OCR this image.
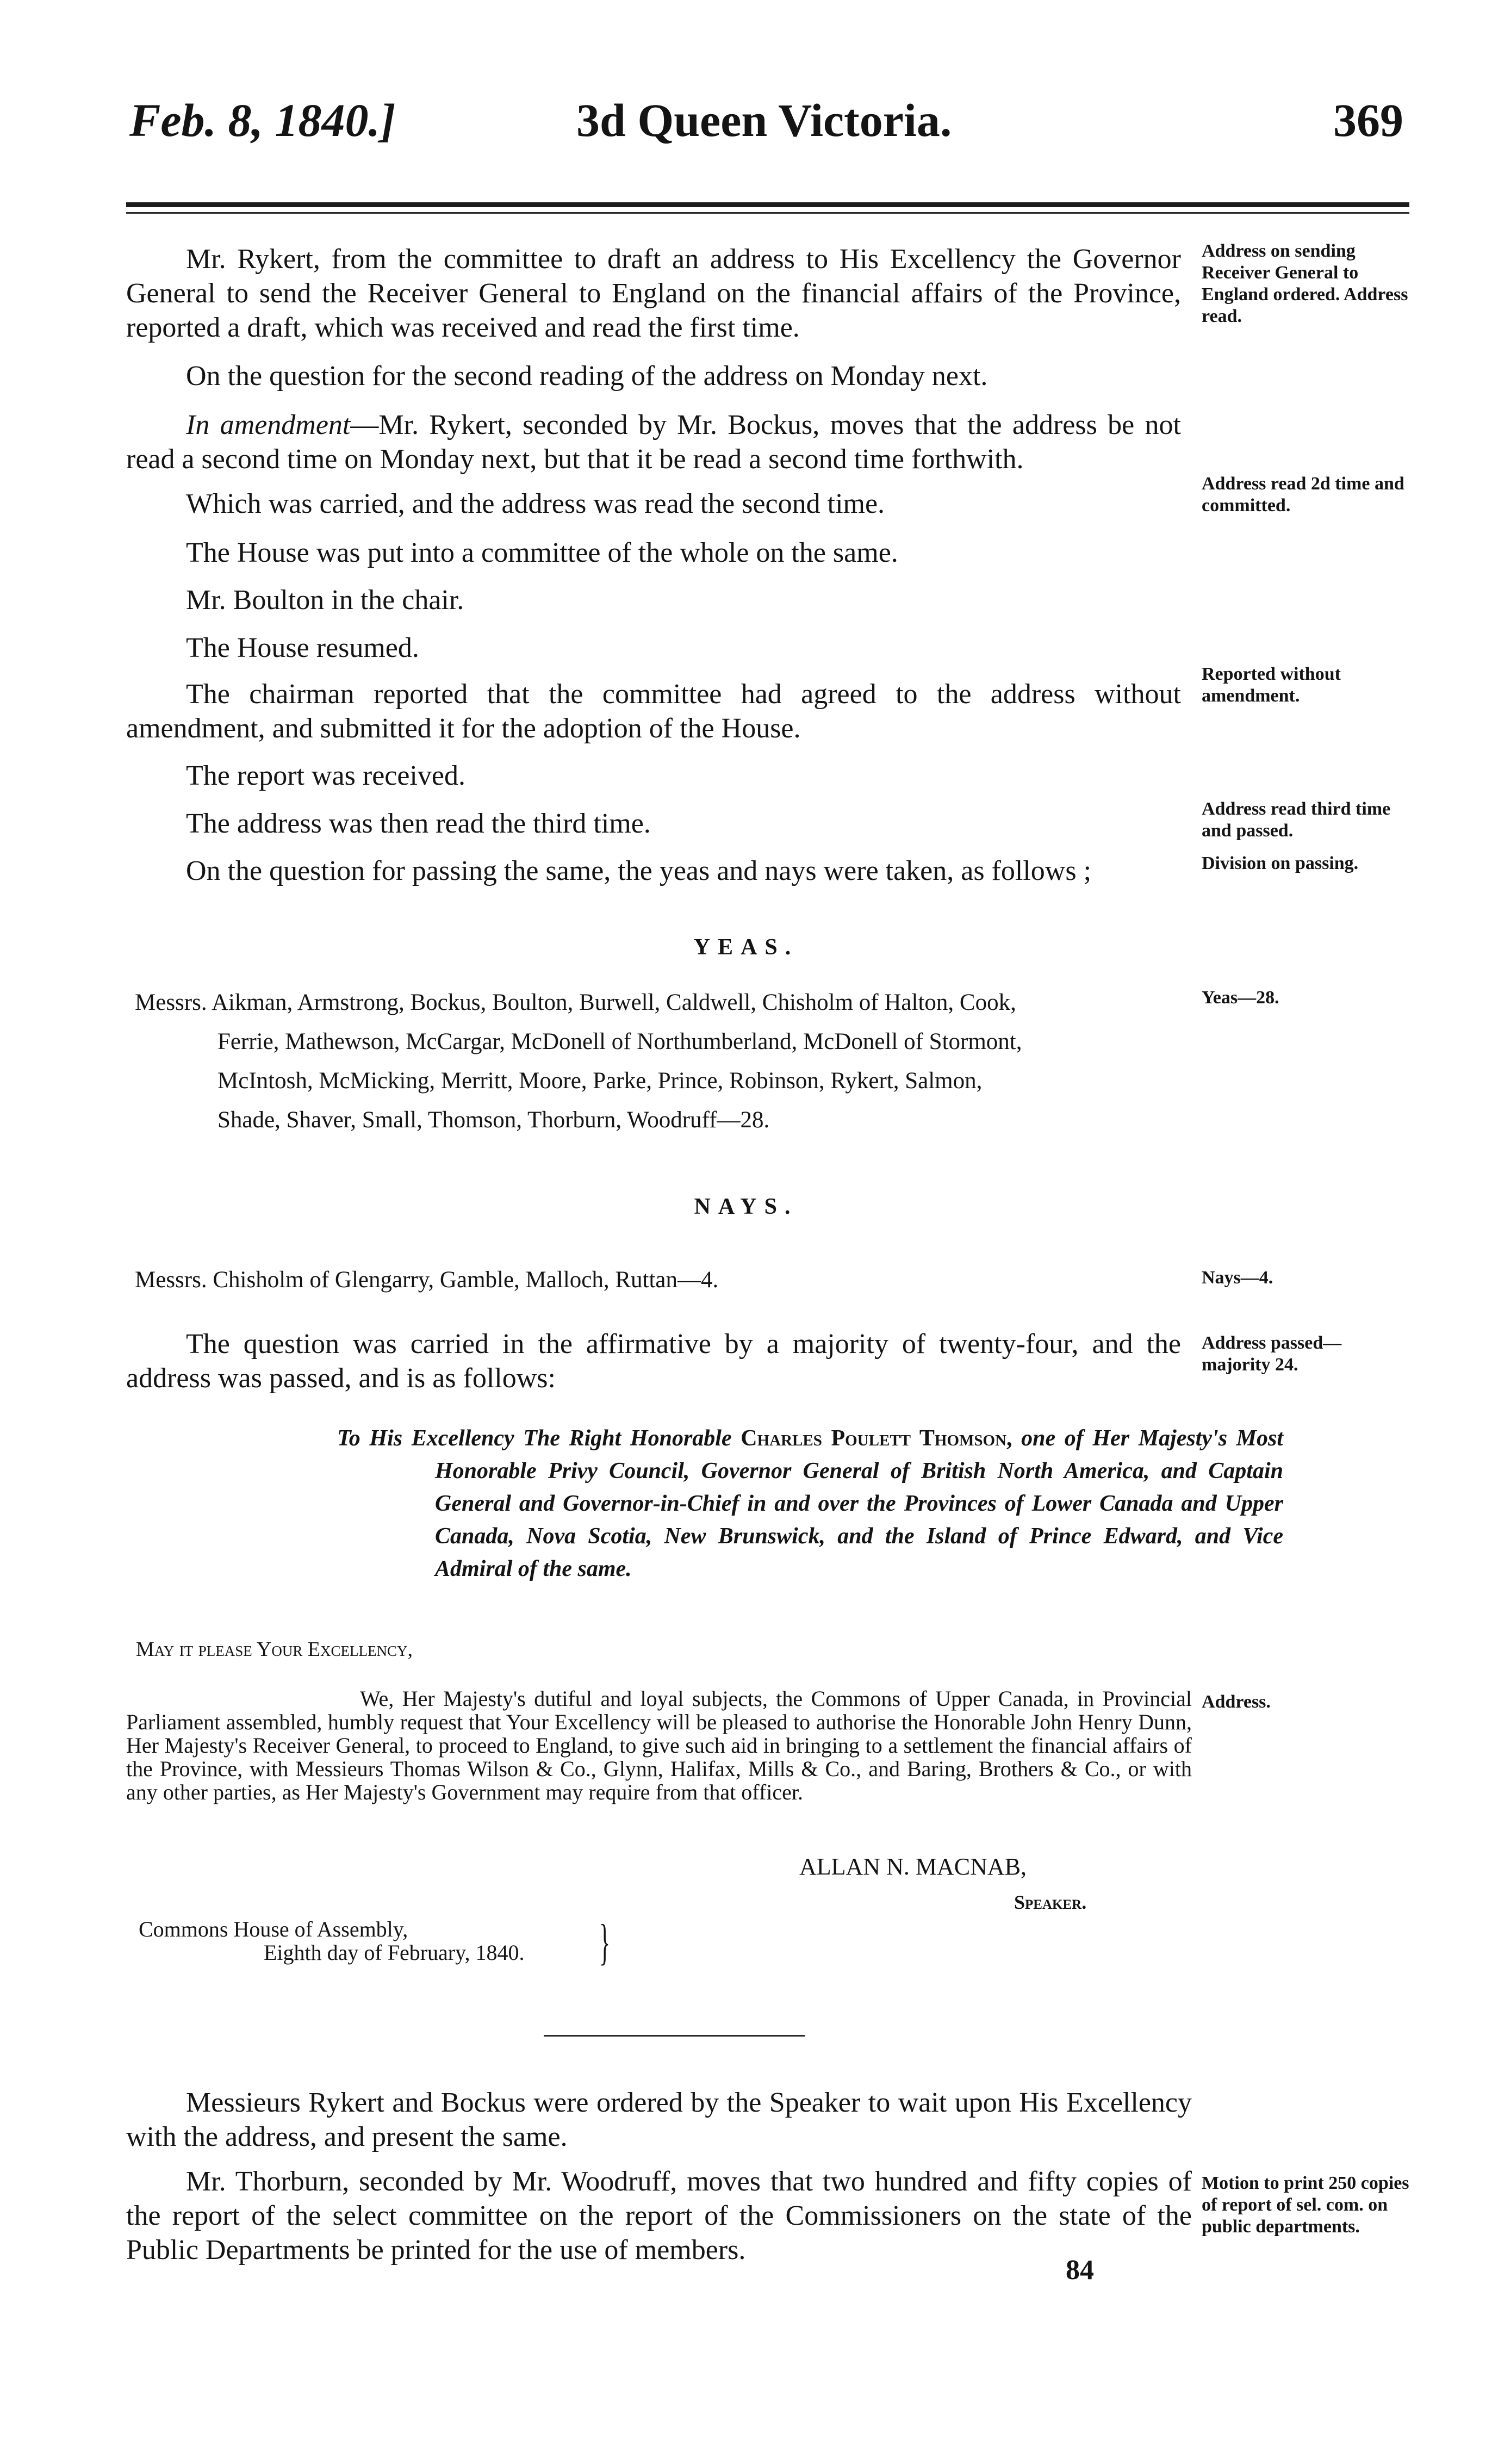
Feb. 8, 1840.]	3d Queen Victoria.	369
Mr. Rykert, from the committee to draft an address to His Excellency the Governor General to send the Receiver General to England on the financial affairs of the Province, reported a draft, which was received and read the first time.
On the question for the second reading of the address on Monday next.
In amendment—Mr. Rykert, seconded by Mr. Bockus, moves that the address be not read a second time on Monday next, but that it be read a second time forthwith.
Which was carried, and the address was read the second time.
The House was put into a committee of the whole on the same.
Mr. Boulton in the chair.
The House resumed.
The chairman reported that the committee had agreed to the address without amendment, and submitted it for the adoption of the House.
The report was received.
The address was then read the third time.
On the question for passing the same, the yeas and nays were taken, as follows ;
YEAS.
Messrs. Aikman, Armstrong, Bockus, Boulton, Burwell, Caldwell, Chisholm of Halton, Cook,
Ferrie, Mathewson, McCargar, McDonell of Northumberland, McDonell of Stormont,
McIntosh, McMicking, Merritt, Moore, Parke, Prince, Robinson, Rykert, Salmon,
Shade, Shaver, Small, Thomson, Thorburn, Woodruff—28.
NAYS.
Messrs. Chisholm of Glengarry, Gamble, Malloch, Ruttan—4.
The question was carried in the affirmative by a majority of twenty-four, and the address was passed, and is as follows:
To His Excellency The Right Honorable Charles Poulett Thomson, one of Her Majesty's Most Honorable Privy Council, Governor General of British North America, and Captain General and Governor-in-Chief in and over the Provinces of Lower Canada and Upper Canada, Nova Scotia, New Brunswick, and the Island of Prince Edward, and Vice Admiral of the same.
May it please Your Excellency,
We, Her Majesty's dutiful and loyal subjects, the Commons of Upper Canada, in Provincial Parliament assembled, humbly request that Your Excellency will be pleased to authorise the Honorable John Henry Dunn, Her Majesty's Receiver General, to proceed to England, to give such aid in bringing to a settlement the financial affairs of the Province, with Messieurs Thomas Wilson & Co., Glynn, Halifax, Mills & Co., and Baring, Brothers & Co., or with any other parties, as Her Majesty's Government may require from that officer.
ALLAN N. MACNAB,
Speaker.
Commons House of Assembly,
Eighth day of February, 1840. }
Messieurs Rykert and Bockus were ordered by the Speaker to wait upon His Excellency with the address, and present the same.
Mr. Thorburn, seconded by Mr. Woodruff, moves that two hundred and fifty copies of the report of the select committee on the report of the Commissioners on the state of the Public Departments be printed for the use of members.
84
Address on sending Receiver General to England ordered. Address read.
Address read 2d time and committed.
Reported without amendment.
Address read third time and passed.
Division on passing.
Yeas—28.
Nays—4.
Address passed—majority 24.
Address.
Motion to print 250 copies of report of sel. com. on public departments.
